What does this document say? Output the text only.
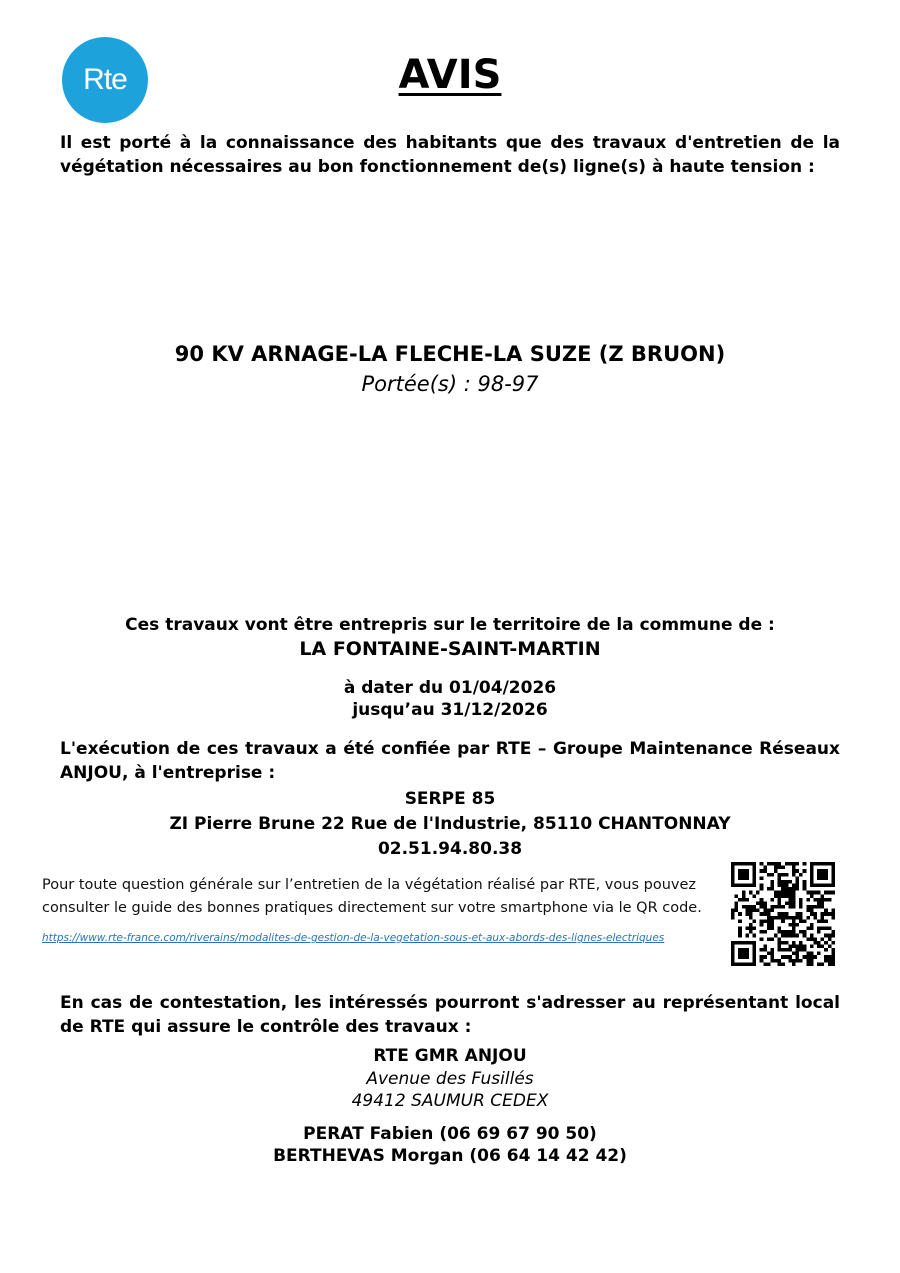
Rte	AVIS
Il est porté à la connaissance des habitants que des travaux d'entretien de la végétation nécessaires au bon fonctionnement de(s) ligne(s) à haute tension :
90 KV ARNAGE-LA FLECHE-LA SUZE (Z BRUON)
Portée(s) : 98-97
Ces travaux vont être entrepris sur le territoire de la commune de :
LA FONTAINE-SAINT-MARTIN
à dater du 01/04/2026
jusqu’au 31/12/2026
L'exécution de ces travaux a été confiée par RTE – Groupe Maintenance Réseaux ANJOU, à l'entreprise :
SERPE 85
ZI Pierre Brune 22 Rue de l'Industrie, 85110 CHANTONNAY
02.51.94.80.38
Pour toute question générale sur l’entretien de la végétation réalisé par RTE, vous pouvez consulter le guide des bonnes pratiques directement sur votre smartphone via le QR code.
https://www.rte-france.com/riverains/modalites-de-gestion-de-la-vegetation-sous-et-aux-abords-des-lignes-electriques
En cas de contestation, les intéressés pourront s'adresser au représentant local de RTE qui assure le contrôle des travaux :
RTE GMR ANJOU
Avenue des Fusillés
49412 SAUMUR CEDEX
PERAT Fabien (06 69 67 90 50)
BERTHEVAS Morgan (06 64 14 42 42)
